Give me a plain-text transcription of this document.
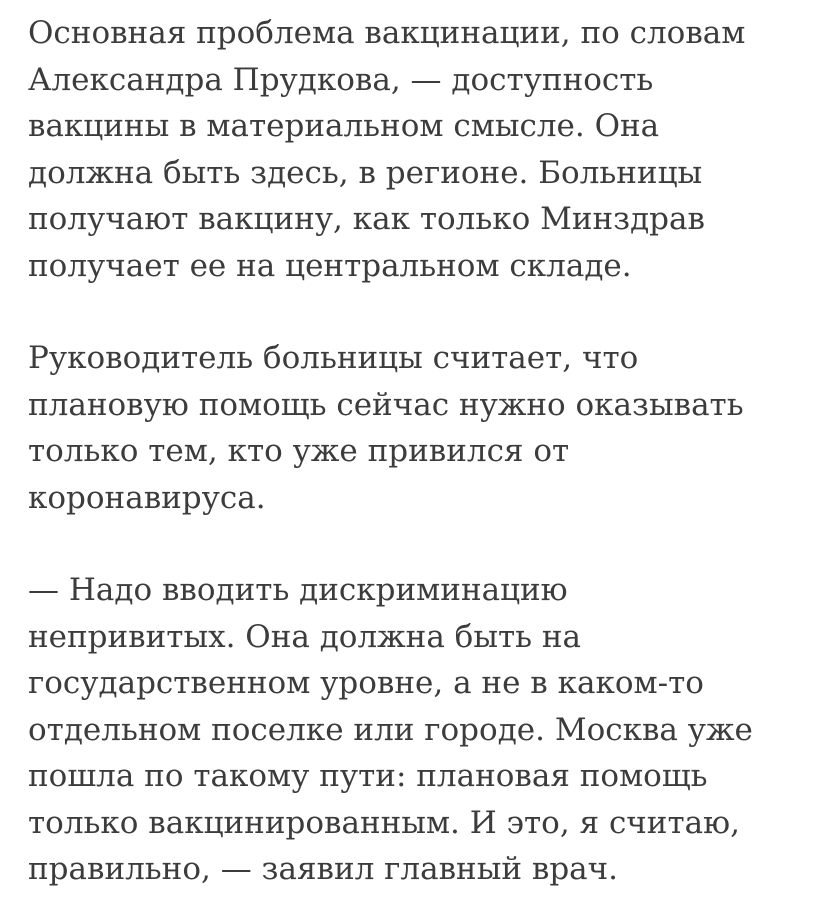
Основная проблема вакцинации, по словам
Александра Прудкова, — доступность
вакцины в материальном смысле. Она
должна быть здесь, в регионе. Больницы
получают вакцину, как только Минздрав
получает ее на центральном складе.

Руководитель больницы считает, что
плановую помощь сейчас нужно оказывать
только тем, кто уже привился от
коронавируса.

— Надо вводить дискриминацию
непривитых. Она должна быть на
государственном уровне, а не в каком-то
отдельном поселке или городе. Москва уже
пошла по такому пути: плановая помощь
только вакцинированным. И это, я считаю,
правильно, — заявил главный врач.
